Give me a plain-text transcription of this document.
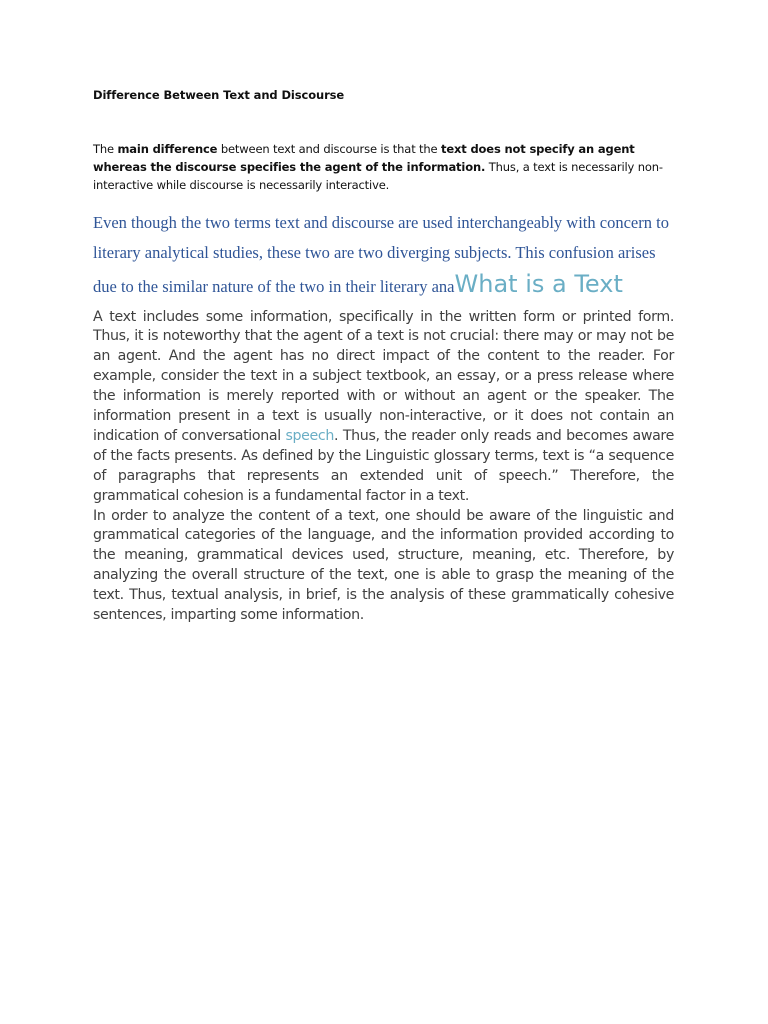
Difference Between Text and Discourse

The main difference between text and discourse is that the text does not specify an agent whereas the discourse specifies the agent of the information. Thus, a text is necessarily non-interactive while discourse is necessarily interactive.

Even though the two terms text and discourse are used interchangeably with concern to literary analytical studies, these two are two diverging subjects. This confusion arises due to the similar nature of the two in their literary anaWhat is a Text

A text includes some information, specifically in the written form or printed form. Thus, it is noteworthy that the agent of a text is not crucial: there may or may not be an agent. And the agent has no direct impact of the content to the reader. For example, consider the text in a subject textbook, an essay, or a press release where the information is merely reported with or without an agent or the speaker. The information present in a text is usually non-interactive, or it does not contain an indication of conversational speech. Thus, the reader only reads and becomes aware of the facts presents. As defined by the Linguistic glossary terms, text is “a sequence of paragraphs that represents an extended unit of speech.” Therefore, the grammatical cohesion is a fundamental factor in a text.

In order to analyze the content of a text, one should be aware of the linguistic and grammatical categories of the language, and the information provided according to the meaning, grammatical devices used, structure, meaning, etc. Therefore, by analyzing the overall structure of the text, one is able to grasp the meaning of the text. Thus, textual analysis, in brief, is the analysis of these grammatically cohesive sentences, imparting some information.
